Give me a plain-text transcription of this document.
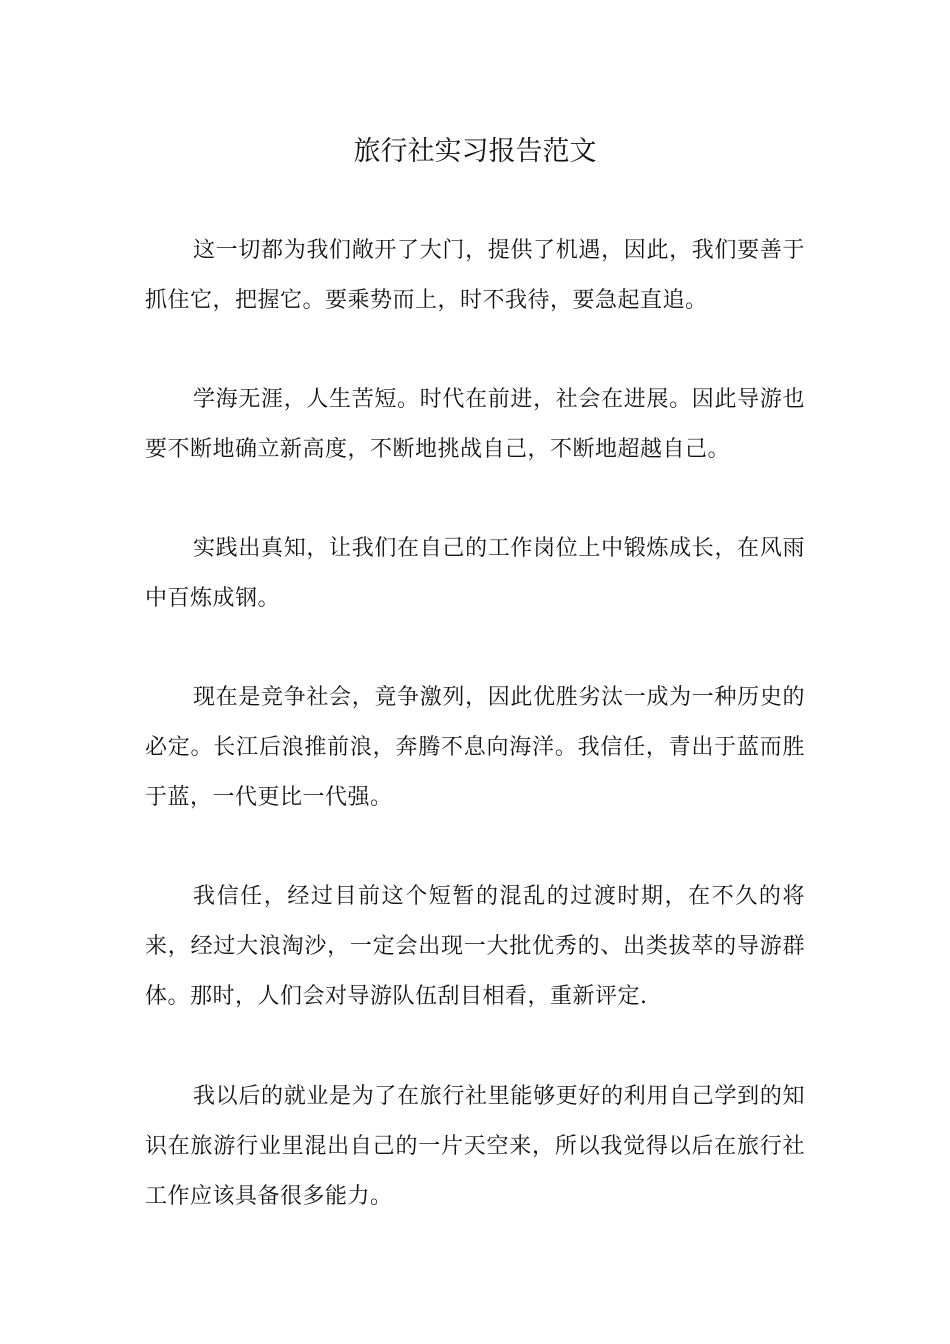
旅行社实习报告范文

这一切都为我们敞开了大门，提供了机遇，因此，我们要善于抓住它，把握它。要乘势而上，时不我待，要急起直追。

学海无涯，人生苦短。时代在前进，社会在进展。因此导游也要不断地确立新高度，不断地挑战自己，不断地超越自己。

实践出真知，让我们在自己的工作岗位上中锻炼成长，在风雨中百炼成钢。

现在是竞争社会，竟争激列，因此优胜劣汰一成为一种历史的必定。长江后浪推前浪，奔腾不息向海洋。我信任，青出于蓝而胜于蓝，一代更比一代强。

我信任，经过目前这个短暂的混乱的过渡时期，在不久的将来，经过大浪淘沙，一定会出现一大批优秀的、出类拔萃的导游群体。那时，人们会对导游队伍刮目相看，重新评定.

我以后的就业是为了在旅行社里能够更好的利用自己学到的知识在旅游行业里混出自己的一片天空来，所以我觉得以后在旅行社工作应该具备很多能力。
